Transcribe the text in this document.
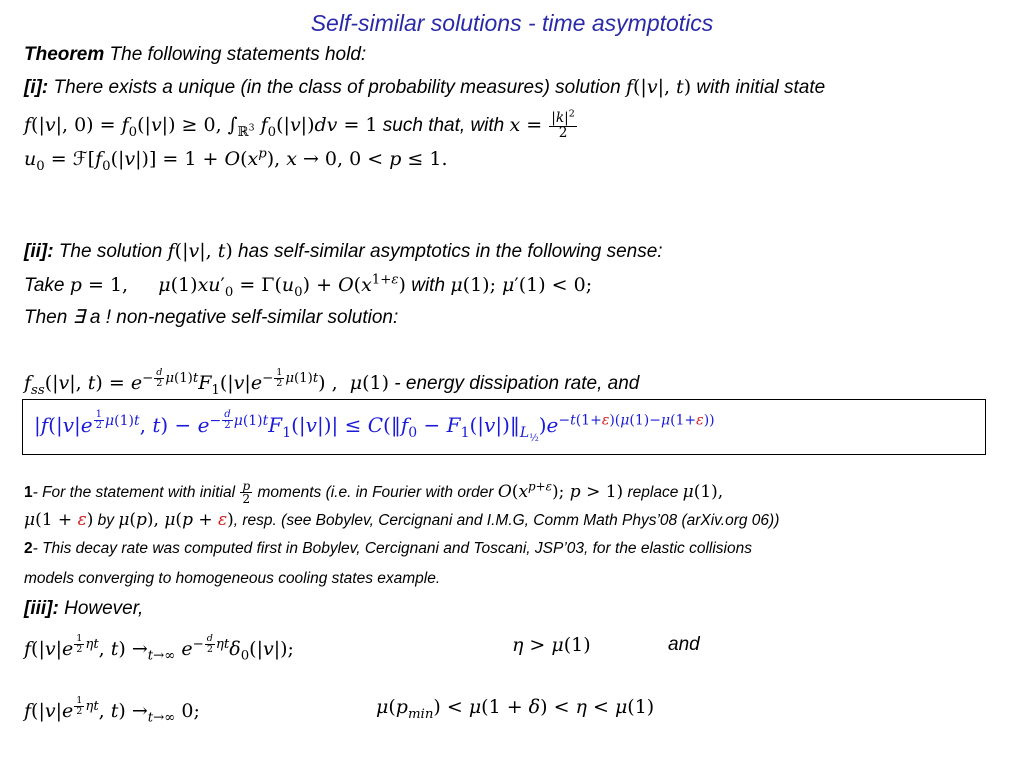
Self-similar solutions - time asymptotics
Theorem The following statements hold:
[i]: There exists a unique (in the class of probability measures) solution f(|v|, t) with initial state
f(|v|, $0) = f_0(|v|) \ge 0$, $\int_{ℝ^3}$ $f_0(|v|)dv = 1$ such that, with $x = \frac{|k|^2}{2}$
$u_0$ = $ℱ[f_0(|v|)] = 1 + O(x^p)$, x → 0, 0 < p ≤ 1.
[ii]: The solution f(|v|, t) has self-similar asymptotics in the following sense:
Take p = 1,     $\mu(1)xu'_0 = \Gamma(u_0) + O(x^{1+\varepsilon})$ with μ(1); μ′(1) < 0;
Then ∃ a ! non-negative self-similar solution:
$f_{ss}(|v|$, $t) = e^{- \frac{d}{2} \mu(1)t}F_1(|v|e^{- \frac{1}{2} \mu(1)t})$ ,  μ(1) - energy dissipation rate, and
|f(|v|e $^{\frac{1}{2} \mu(1)t}$, $t) - e^{- \frac{d}{2} \mu(1)t}F_1(|v|)|$ ≤ $C(‖f_0$ − $F_1(|v|)‖_{L_{\frac{1}{2}}})e^{-t(1+\varepsilon)(\mu(1)-\mu(1+\varepsilon))}$
1- For the statement with initial $\frac{p}{2}$ moments (i.e. in Fourier with order $O(x^{p+\varepsilon})$; p > 1) replace μ(1),
μ(1 + ε) by μ(p), μ(p + ε), resp. (see Bobylev, Cercignani and I.M.G, Comm Math Phys’08 (arXiv.org 06))
2- This decay rate was computed first in Bobylev, Cercignani and Toscani, JSP’03, for the elastic collisions
models converging to homogeneous cooling states example.
[iii]: However,
f(|v|e $^{\frac{1}{2} \eta t}$, $t) \to_{t\to\infty}$ $e^{- \frac{d}{2} \eta t}\delta_0(|v|)$;	η > μ(1)	and
f(|v|e $^{\frac{1}{2} \eta t}$, $t) \to_{t\to\infty}$ 0;	$\mu(p_{min}) < \mu(1 + \delta) < \eta < \mu(1)$
